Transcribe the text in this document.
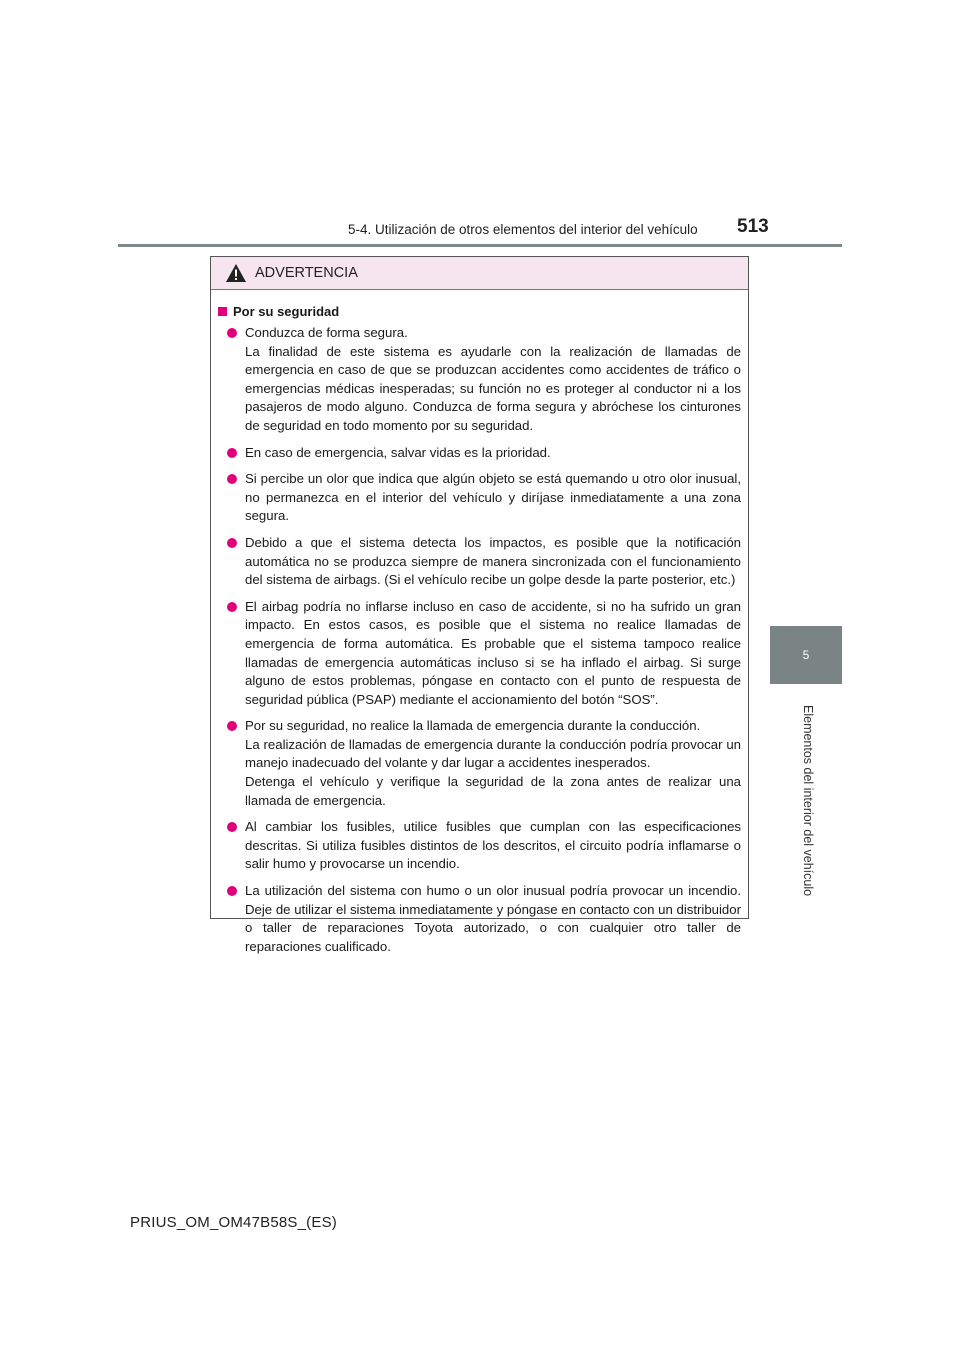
5-4. Utilización de otros elementos del interior del vehículo 513
5
Elementos del interior del vehículo
ADVERTENCIA
Por su seguridad
Conduzca de forma segura.
La finalidad de este sistema es ayudarle con la realización de llamadas de emergencia en caso de que se produzcan accidentes como accidentes de tráfico o emergencias médicas inesperadas; su función no es proteger al conductor ni a los pasajeros de modo alguno. Conduzca de forma segura y abróchese los cinturones de seguridad en todo momento por su seguridad.
En caso de emergencia, salvar vidas es la prioridad.
Si percibe un olor que indica que algún objeto se está quemando u otro olor inusual, no permanezca en el interior del vehículo y diríjase inmediatamente a una zona segura.
Debido a que el sistema detecta los impactos, es posible que la notificación automática no se produzca siempre de manera sincronizada con el funcionamiento del sistema de airbags. (Si el vehículo recibe un golpe desde la parte posterior, etc.)
El airbag podría no inflarse incluso en caso de accidente, si no ha sufrido un gran impacto. En estos casos, es posible que el sistema no realice llamadas de emergencia de forma automática. Es probable que el sistema tampoco realice llamadas de emergencia automáticas incluso si se ha inflado el airbag. Si surge alguno de estos problemas, póngase en contacto con el punto de respuesta de seguridad pública (PSAP) mediante el accionamiento del botón “SOS”.
Por su seguridad, no realice la llamada de emergencia durante la conducción.
La realización de llamadas de emergencia durante la conducción podría provocar un manejo inadecuado del volante y dar lugar a accidentes inesperados.
Detenga el vehículo y verifique la seguridad de la zona antes de realizar una llamada de emergencia.
Al cambiar los fusibles, utilice fusibles que cumplan con las especificaciones descritas. Si utiliza fusibles distintos de los descritos, el circuito podría inflamarse o salir humo y provocarse un incendio.
La utilización del sistema con humo o un olor inusual podría provocar un incendio. Deje de utilizar el sistema inmediatamente y póngase en contacto con un distribuidor o taller de reparaciones Toyota autorizado, o con cualquier otro taller de reparaciones cualificado.
PRIUS_OM_OM47B58S_(ES)
